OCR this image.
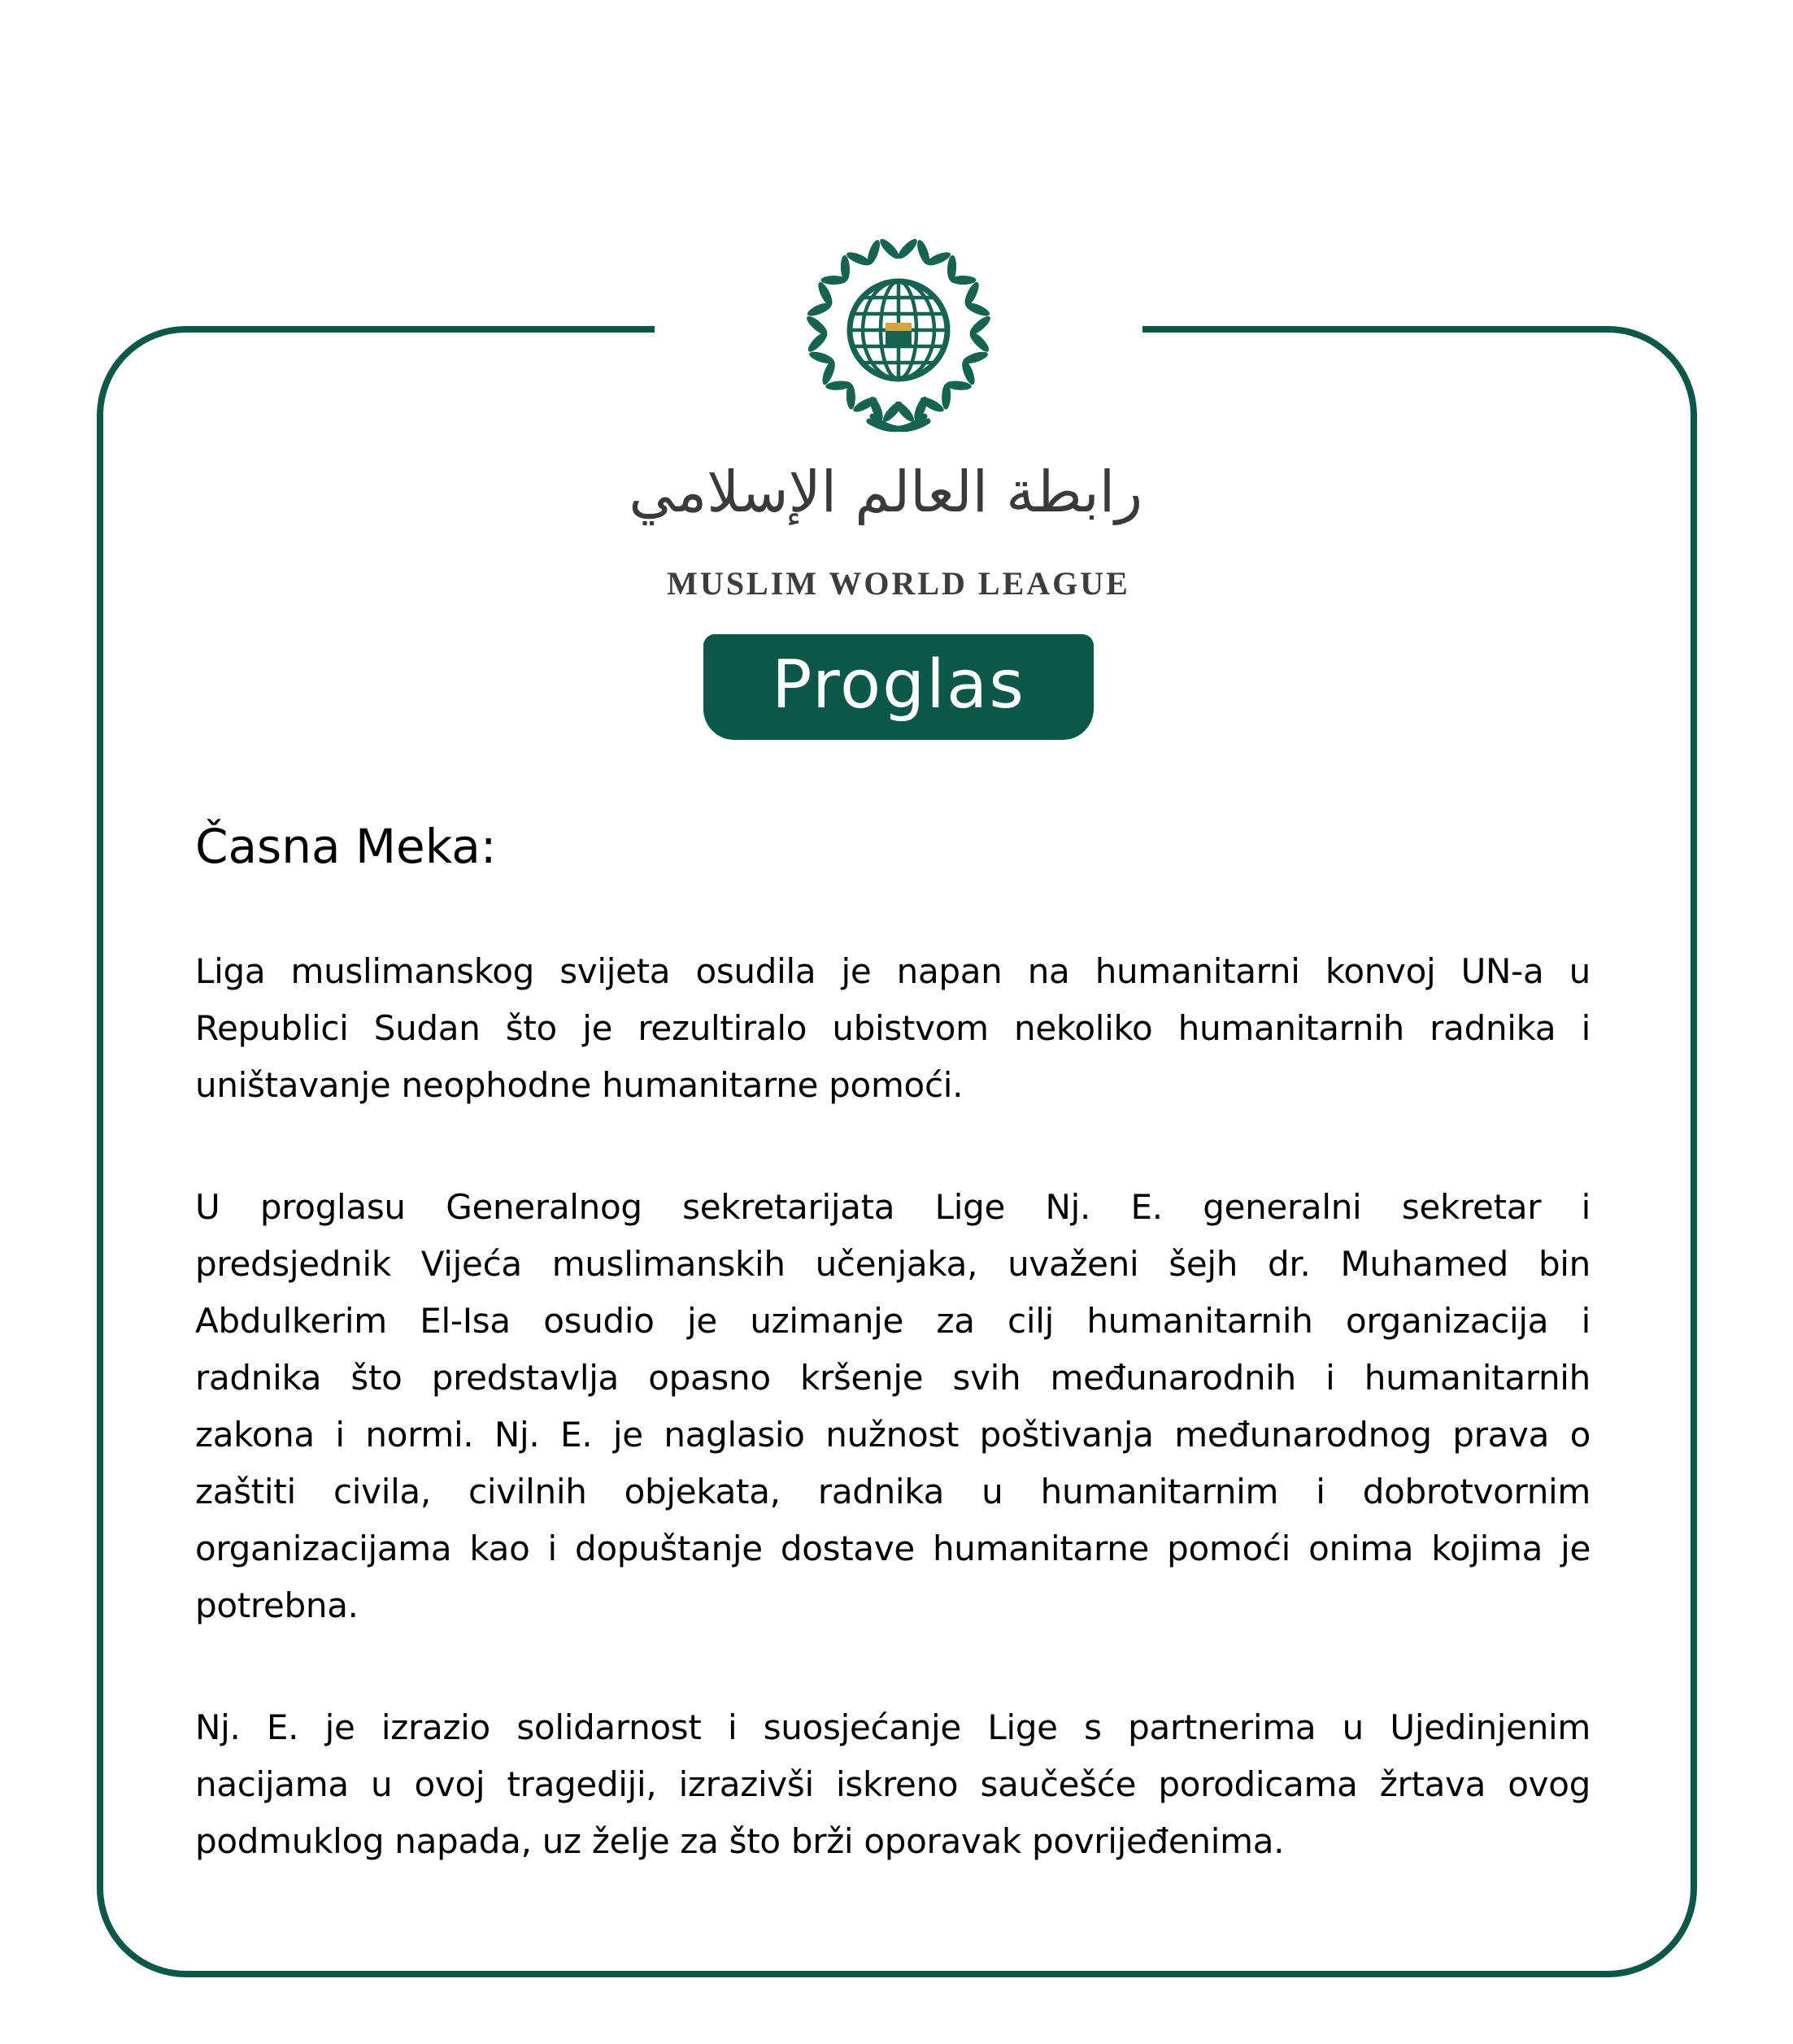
رابطة العالم الإسلامي
MUSLIM WORLD LEAGUE
Proglas
Časna Meka:
Liga muslimanskog svijeta osudila je napan na humanitarni konvoj UN-a u
Republici Sudan što je rezultiralo ubistvom nekoliko humanitarnih radnika i
uništavanje neophodne humanitarne pomoći.
U proglasu Generalnog sekretarijata Lige Nj. E. generalni sekretar i
predsjednik Vijeća muslimanskih učenjaka, uvaženi šejh dr. Muhamed bin
Abdulkerim El-Isa osudio je uzimanje za cilj humanitarnih organizacija i
radnika što predstavlja opasno kršenje svih međunarodnih i humanitarnih
zakona i normi. Nj. E. je naglasio nužnost poštivanja međunarodnog prava o
zaštiti civila, civilnih objekata, radnika u humanitarnim i dobrotvornim
organizacijama kao i dopuštanje dostave humanitarne pomoći onima kojima je
potrebna.
Nj. E. je izrazio solidarnost i suosjećanje Lige s partnerima u Ujedinjenim
nacijama u ovoj tragediji, izrazivši iskreno saučešće porodicama žrtava ovog
podmuklog napada, uz želje za što brži oporavak povrijeđenima.
